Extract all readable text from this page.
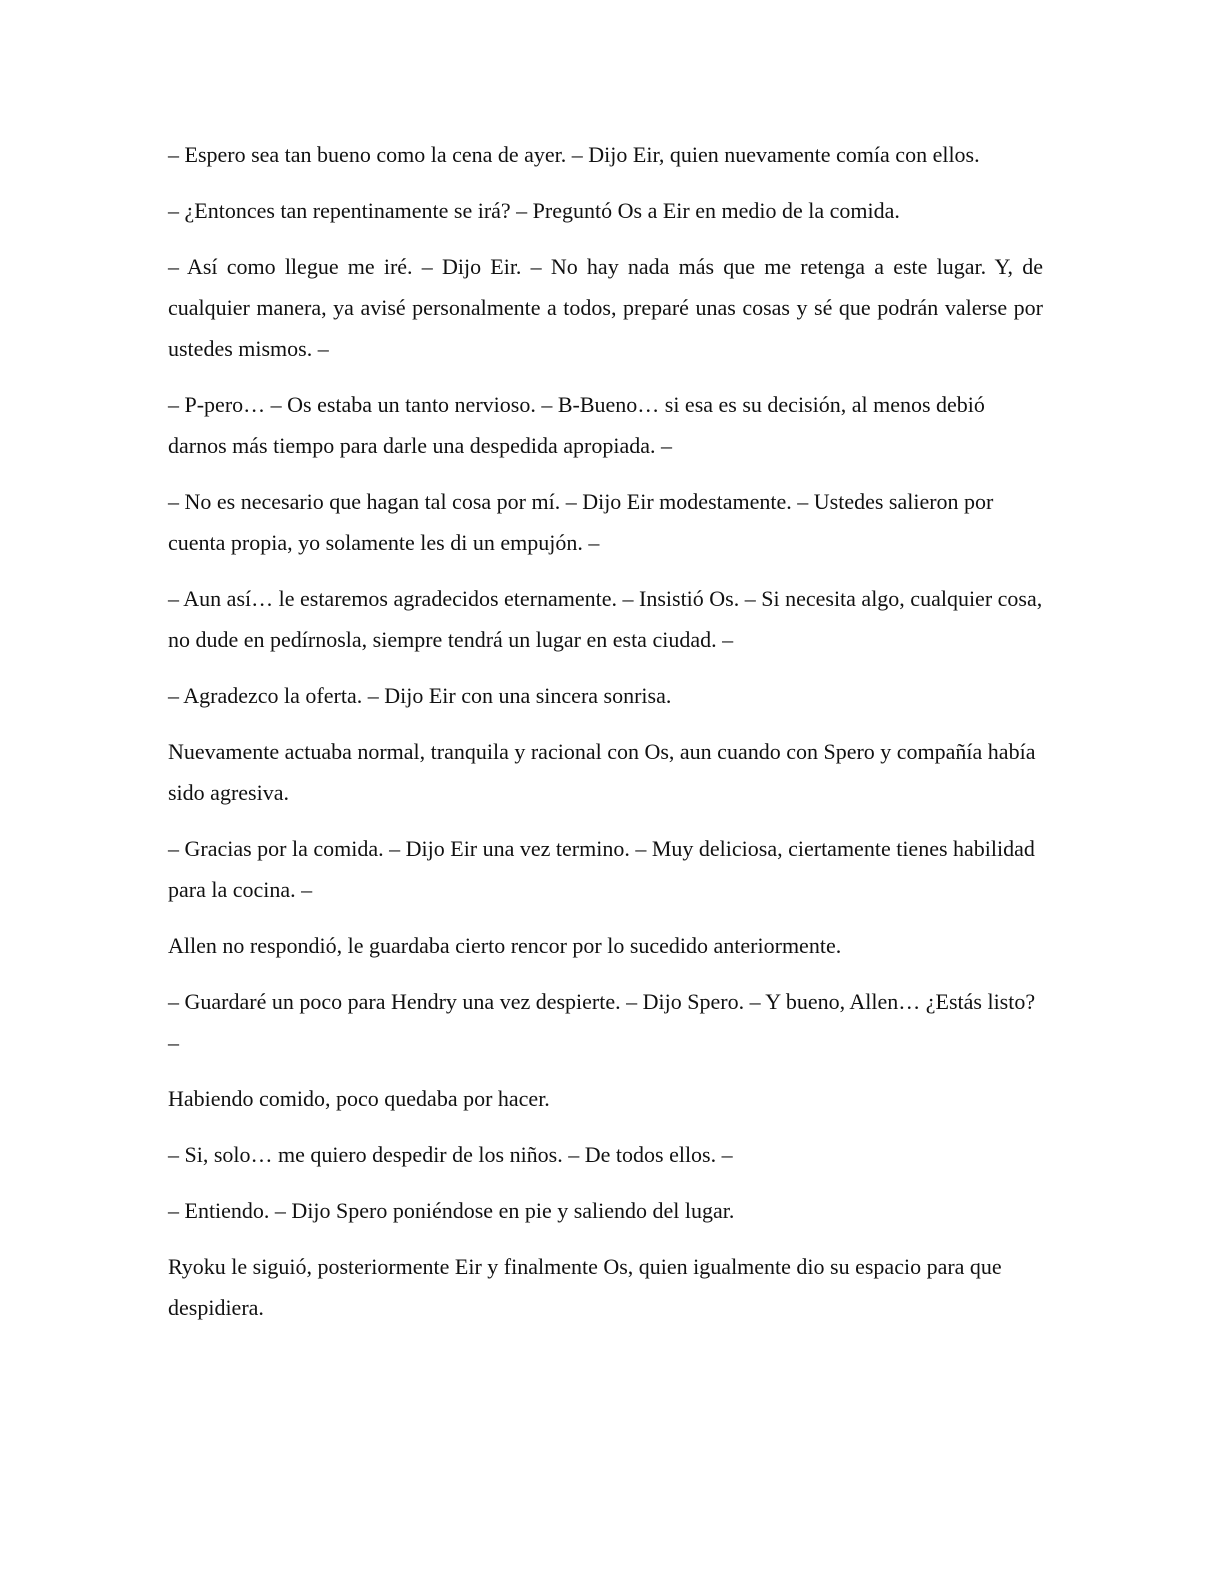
– Espero sea tan bueno como la cena de ayer. – Dijo Eir, quien nuevamente comía con ellos.

– ¿Entonces tan repentinamente se irá? – Preguntó Os a Eir en medio de la comida.

– Así como llegue me iré. – Dijo Eir. – No hay nada más que me retenga a este lugar. Y, de cualquier manera, ya avisé personalmente a todos, preparé unas cosas y sé que podrán valerse por ustedes mismos. –

– P-pero… – Os estaba un tanto nervioso. – B-Bueno… si esa es su decisión, al menos debió darnos más tiempo para darle una despedida apropiada. –

– No es necesario que hagan tal cosa por mí. – Dijo Eir modestamente. – Ustedes salieron por cuenta propia, yo solamente les di un empujón. –

– Aun así… le estaremos agradecidos eternamente. – Insistió Os. – Si necesita algo, cualquier cosa, no dude en pedírnosla, siempre tendrá un lugar en esta ciudad. –

– Agradezco la oferta. – Dijo Eir con una sincera sonrisa.

Nuevamente actuaba normal, tranquila y racional con Os, aun cuando con Spero y compañía había sido agresiva.

– Gracias por la comida. – Dijo Eir una vez termino. – Muy deliciosa, ciertamente tienes habilidad para la cocina. –

Allen no respondió, le guardaba cierto rencor por lo sucedido anteriormente.

– Guardaré un poco para Hendry una vez despierte. – Dijo Spero. – Y bueno, Allen… ¿Estás listo? –

Habiendo comido, poco quedaba por hacer.

– Si, solo… me quiero despedir de los niños. – De todos ellos. –

– Entiendo. – Dijo Spero poniéndose en pie y saliendo del lugar.

Ryoku le siguió, posteriormente Eir y finalmente Os, quien igualmente dio su espacio para que despidiera.
